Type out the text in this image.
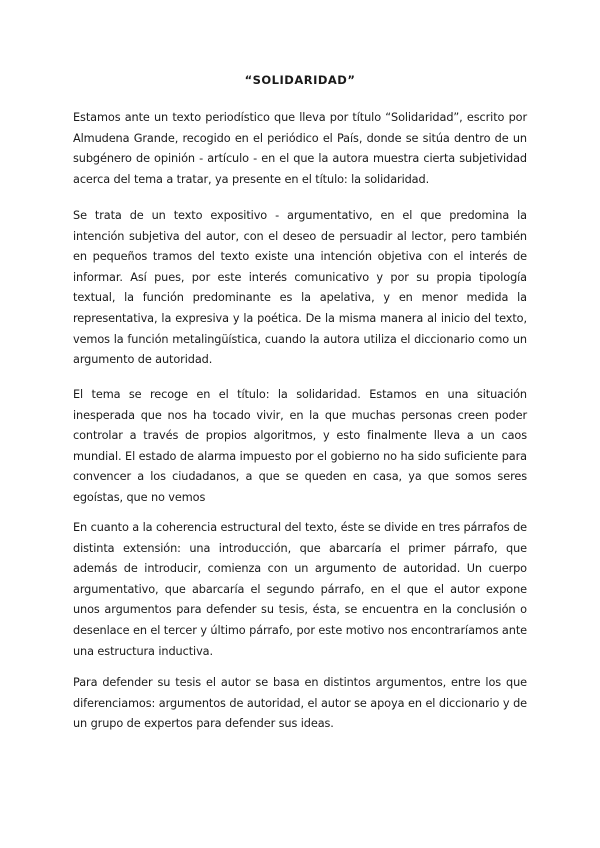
“SOLIDARIDAD”

Estamos ante un texto periodístico que lleva por título “Solidaridad”, escrito por Almudena Grande, recogido en el periódico el País, donde se sitúa dentro de un subgénero de opinión - artículo - en el que la autora muestra cierta subjetividad acerca del tema a tratar, ya presente en el título: la solidaridad.

Se trata de un texto expositivo - argumentativo, en el que predomina la intención subjetiva del autor, con el deseo de persuadir al lector, pero también en pequeños tramos del texto existe una intención objetiva con el interés de informar. Así pues, por este interés comunicativo y por su propia tipología textual, la función predominante es la apelativa, y en menor medida la representativa, la expresiva y la poética. De la misma manera al inicio del texto, vemos la función metalingüística, cuando la autora utiliza el diccionario como un argumento de autoridad.

El tema se recoge en el título: la solidaridad. Estamos en una situación inesperada que nos ha tocado vivir, en la que muchas personas creen poder controlar a través de propios algoritmos, y esto finalmente lleva a un caos mundial. El estado de alarma impuesto por el gobierno no ha sido suficiente para convencer a los ciudadanos, a que se queden en casa, ya que somos seres egoístas, que no vemos

En cuanto a la coherencia estructural del texto, éste se divide en tres párrafos de distinta extensión: una introducción, que abarcaría el primer párrafo, que además de introducir, comienza con un argumento de autoridad. Un cuerpo argumentativo, que abarcaría el segundo párrafo, en el que el autor expone unos argumentos para defender su tesis, ésta, se encuentra en la conclusión o desenlace en el tercer y último párrafo, por este motivo nos encontraríamos ante una estructura inductiva.

Para defender su tesis el autor se basa en distintos argumentos, entre los que diferenciamos: argumentos de autoridad, el autor se apoya en el diccionario y de un grupo de expertos para defender sus ideas.
